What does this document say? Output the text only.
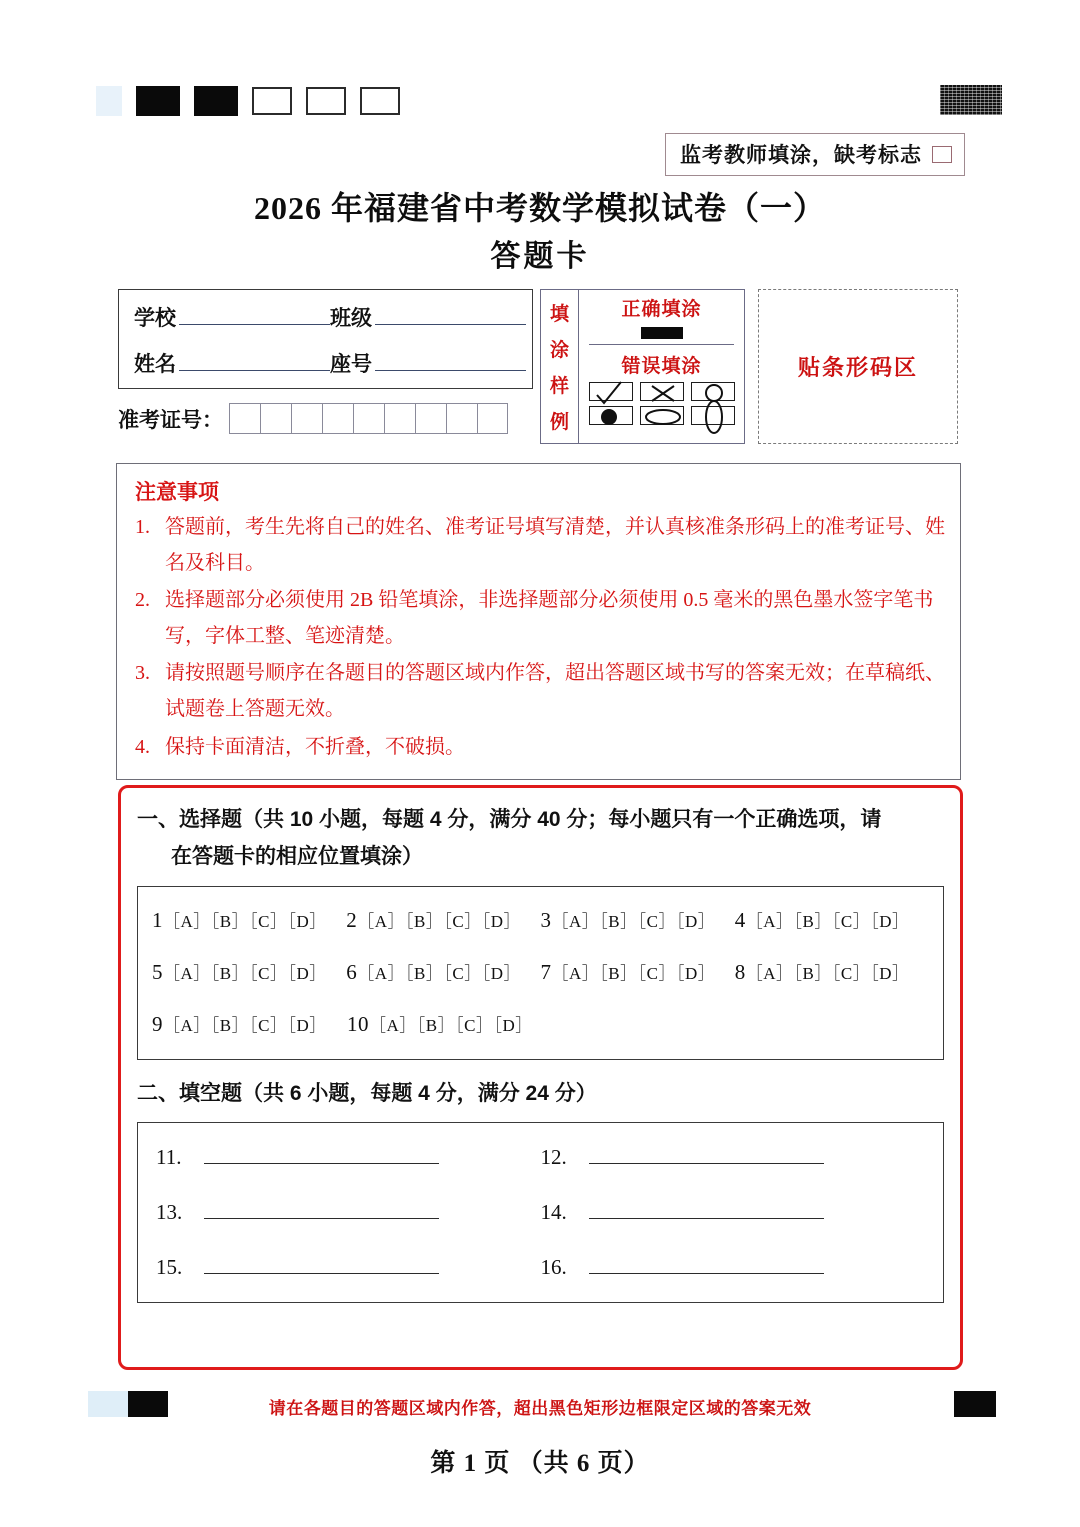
监考教师填涂，缺考标志
2026 年福建省中考数学模拟试卷（一）
答题卡
学校	班级
姓名	座号
准考证号：
填
涂
样
例
正确填涂
错误填涂	贴条形码区
注意事项
1. 答题前，考生先将自己的姓名、准考证号填写清楚，并认真核准条形码上的准考证号、姓名及科目。
2. 选择题部分必须使用 2B 铅笔填涂，非选择题部分必须使用 0.5 毫米的黑色墨水签字笔书写，字体工整、笔迹清楚。
3. 请按照题号顺序在各题目的答题区域内作答，超出答题区域书写的答案无效；在草稿纸、试题卷上答题无效。
4. 保持卡面清洁，不折叠，不破损。
一、选择题（共 10 小题，每题 4 分，满分 40 分；每小题只有一个正确选项，请
在答题卡的相应位置填涂）
1［A］［B］［C］［D］ 2［A］［B］［C］［D］ 3［A］［B］［C］［D］ 4［A］［B］［C］［D］
5［A］［B］［C］［D］ 6［A］［B］［C］［D］ 7［A］［B］［C］［D］ 8［A］［B］［C］［D］
9［A］［B］［C］［D］ 10［A］［B］［C］［D］
二、填空题（共 6 小题，每题 4 分，满分 24 分）
11.	12.
13.	14.
15.	16.
请在各题目的答题区域内作答，超出黑色矩形边框限定区域的答案无效
第 1 页 （共 6 页）
